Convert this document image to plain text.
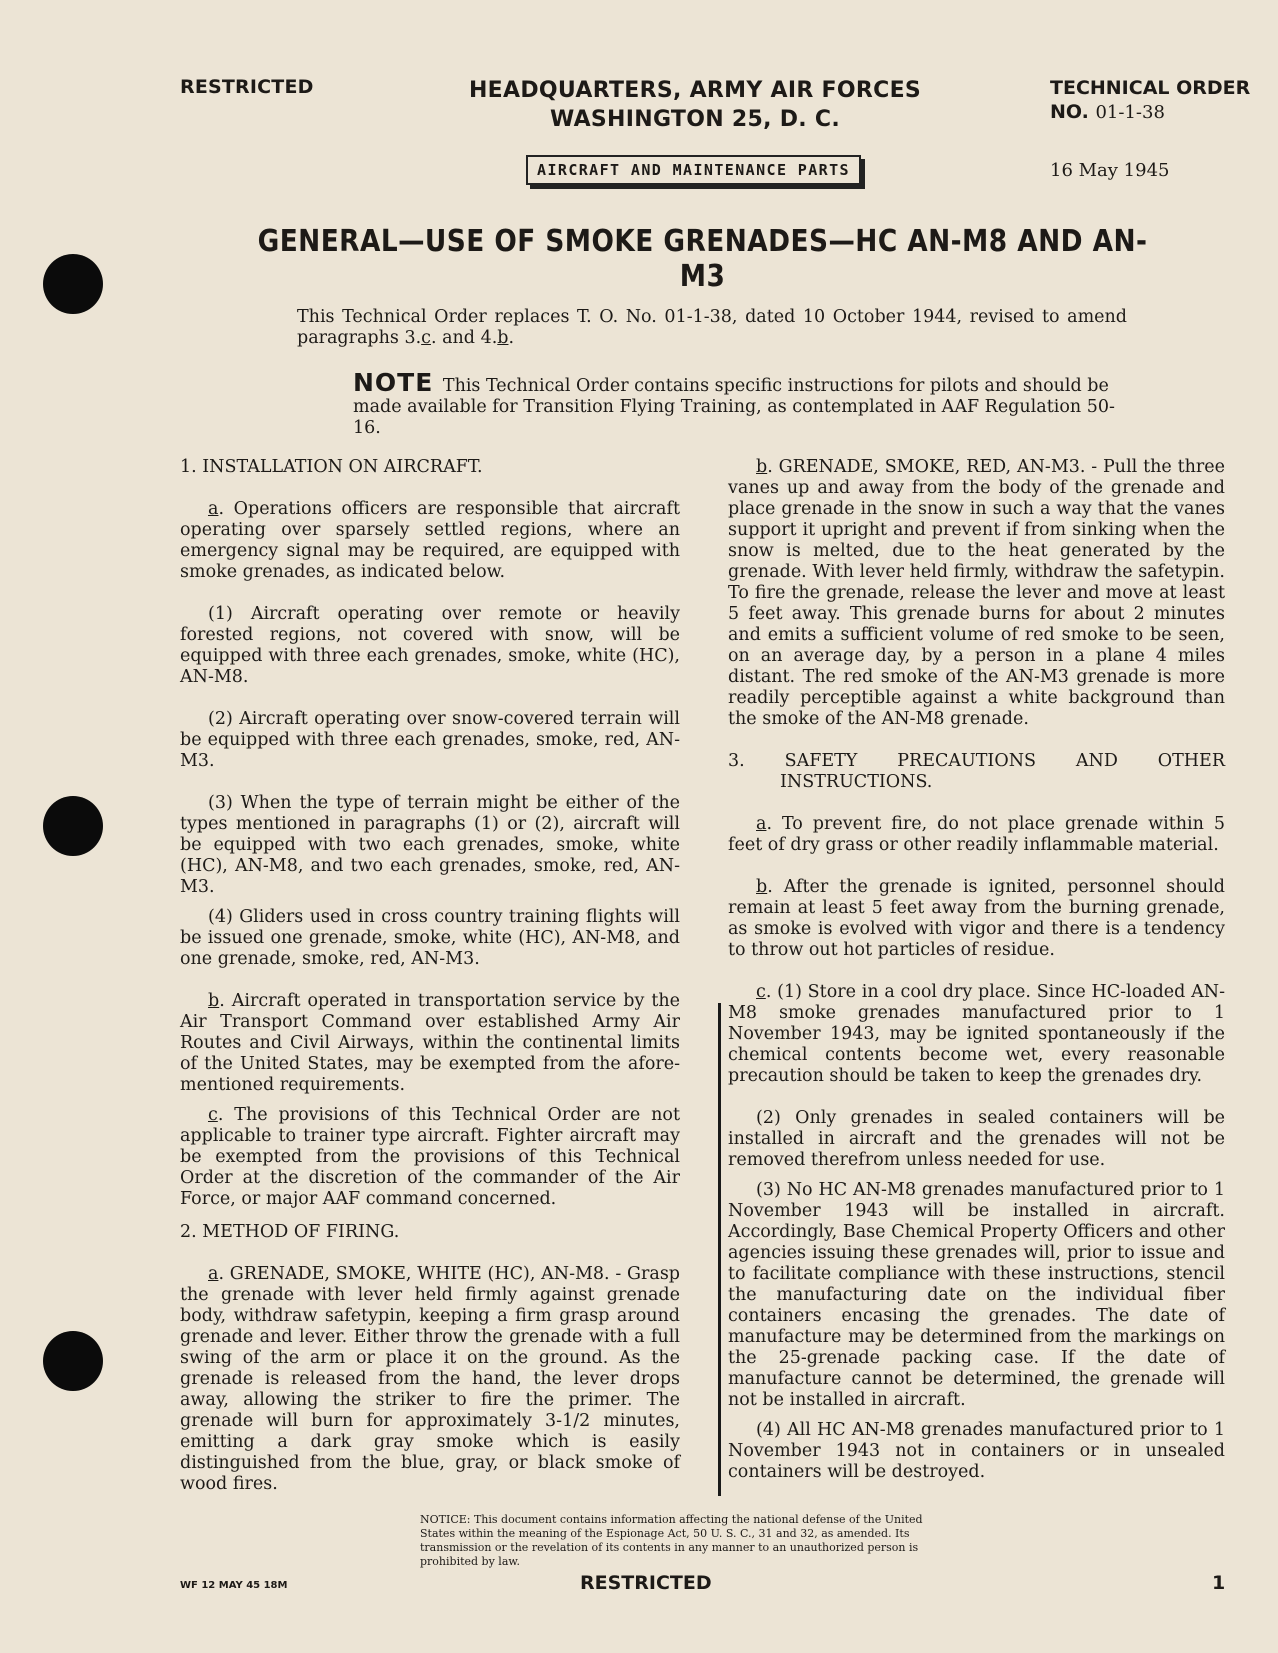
RESTRICTED	HEADQUARTERS, ARMY AIR FORCES
WASHINGTON 25, D. C.
TECHNICAL ORDER
NO. 01-1-38
AIRCRAFT AND MAINTENANCE PARTS	16 May 1945
GENERAL—USE OF SMOKE GRENADES—HC AN-M8 AND AN-M3
This Technical Order replaces T. O. No. 01-1-38, dated 10 October 1944, revised to amend paragraphs 3.c. and 4.b.
NOTE This Technical Order contains specific instructions for pilots and should be made available for Transition Flying Training, as contemplated in AAF Regulation 50-16.

1. INSTALLATION ON AIRCRAFT.

a. Operations officers are responsible that aircraft operating over sparsely settled regions, where an emergency signal may be required, are equipped with smoke grenades, as indicated below.

(1) Aircraft operating over remote or heavily forested regions, not covered with snow, will be equipped with three each grenades, smoke, white (HC), AN-M8.

(2) Aircraft operating over snow-covered terrain will be equipped with three each grenades, smoke, red, AN-M3.

(3) When the type of terrain might be either of the types mentioned in paragraphs (1) or (2), aircraft will be equipped with two each grenades, smoke, white (HC), AN-M8, and two each grenades, smoke, red, AN-M3.

(4) Gliders used in cross country training flights will be issued one grenade, smoke, white (HC), AN-M8, and one grenade, smoke, red, AN-M3.

b. Aircraft operated in transportation service by the Air Transport Command over established Army Air Routes and Civil Airways, within the continental limits of the United States, may be exempted from the afore-mentioned requirements.

c. The provisions of this Technical Order are not applicable to trainer type aircraft. Fighter aircraft may be exempted from the provisions of this Technical Order at the discretion of the commander of the Air Force, or major AAF command concerned.

2. METHOD OF FIRING.

a. GRENADE, SMOKE, WHITE (HC), AN-M8. - Grasp the grenade with lever held firmly against grenade body, withdraw safetypin, keeping a firm grasp around grenade and lever. Either throw the grenade with a full swing of the arm or place it on the ground. As the grenade is released from the hand, the lever drops away, allowing the striker to fire the primer. The grenade will burn for approximately 3-1/2 minutes, emitting a dark gray smoke which is easily distinguished from the blue, gray, or black smoke of wood fires.

b. GRENADE, SMOKE, RED, AN-M3. - Pull the three vanes up and away from the body of the grenade and place grenade in the snow in such a way that the vanes support it upright and prevent if from sinking when the snow is melted, due to the heat generated by the grenade. With lever held firmly, withdraw the safetypin. To fire the grenade, release the lever and move at least 5 feet away. This grenade burns for about 2 minutes and emits a sufficient volume of red smoke to be seen, on an average day, by a person in a plane 4 miles distant. The red smoke of the AN-M3 grenade is more readily perceptible against a white background than the smoke of the AN-M8 grenade.

3. SAFETY PRECAUTIONS AND OTHER INSTRUCTIONS.

a. To prevent fire, do not place grenade within 5 feet of dry grass or other readily inflammable material.

b. After the grenade is ignited, personnel should remain at least 5 feet away from the burning grenade, as smoke is evolved with vigor and there is a tendency to throw out hot particles of residue.

c. (1) Store in a cool dry place. Since HC-loaded AN-M8 smoke grenades manufactured prior to 1 November 1943, may be ignited spontaneously if the chemical contents become wet, every reasonable precaution should be taken to keep the grenades dry.

(2) Only grenades in sealed containers will be installed in aircraft and the grenades will not be removed therefrom unless needed for use.

(3) No HC AN-M8 grenades manufactured prior to 1 November 1943 will be installed in aircraft. Accordingly, Base Chemical Property Officers and other agencies issuing these grenades will, prior to issue and to facilitate compliance with these instructions, stencil the manufacturing date on the individual fiber containers encasing the grenades. The date of manufacture may be determined from the markings on the 25-grenade packing case. If the date of manufacture cannot be determined, the grenade will not be installed in aircraft.

(4) All HC AN-M8 grenades manufactured prior to 1 November 1943 not in containers or in unsealed containers will be destroyed.

NOTICE: This document contains information affecting the national defense of the United States within the meaning of the Espionage Act, 50 U. S. C., 31 and 32, as amended. Its transmission or the revelation of its contents in any manner to an unauthorized person is prohibited by law.
WF 12 MAY 45 18M	RESTRICTED	1
